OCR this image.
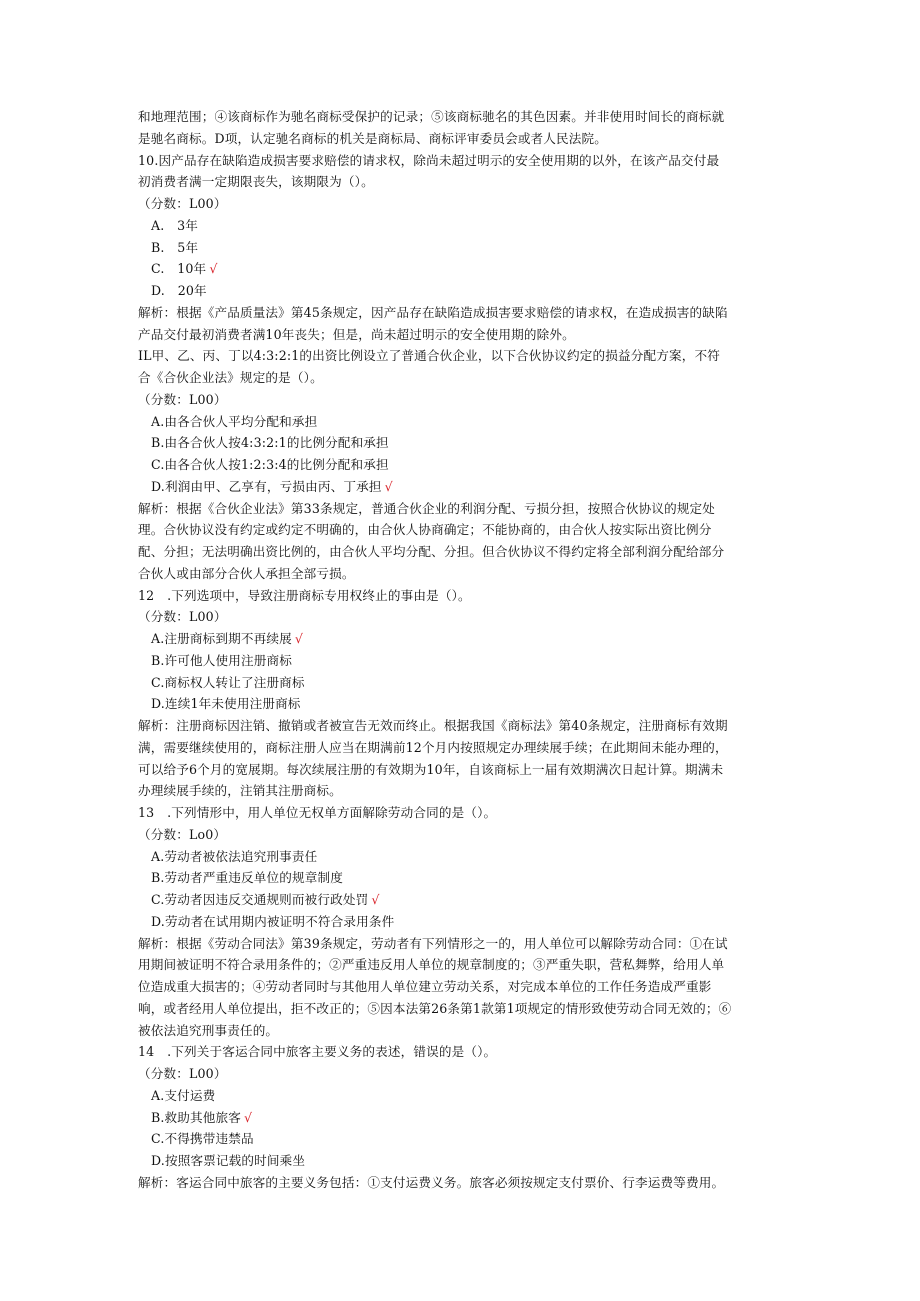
和地理范围；④该商标作为驰名商标受保护的记录；⑤该商标驰名的其色因素。并非使用时间长的商标就
是驰名商标。D项，认定驰名商标的机关是商标局、商标评审委员会或者人民法院。
10.因产品存在缺陷造成损害要求赔偿的请求权，除尚未超过明示的安全使用期的以外，在该产品交付最
初消费者满一定期限丧失，该期限为（）。
（分数：L00）
A.　3年
B.　5年
C.　10年 √
D.　20年
解析：根据《产品质量法》第45条规定，因产品存在缺陷造成损害要求赔偿的请求权，在造成损害的缺陷
产品交付最初消费者满10年丧失；但是，尚未超过明示的安全使用期的除外。
IL甲、乙、丙、丁以4:3:2:1的出资比例设立了普通合伙企业，以下合伙协议约定的损益分配方案，不符
合《合伙企业法》规定的是（）。
（分数：L00）
A.由各合伙人平均分配和承担
B.由各合伙人按4:3:2:1的比例分配和承担
C.由各合伙人按1:2:3:4的比例分配和承担
D.利润由甲、乙享有，亏损由丙、丁承担 √
解析：根据《合伙企业法》第33条规定，普通合伙企业的利润分配、亏损分担，按照合伙协议的规定处
理。合伙协议没有约定或约定不明确的，由合伙人协商确定；不能协商的，由合伙人按实际出资比例分
配、分担；无法明确出资比例的，由合伙人平均分配、分担。但合伙协议不得约定将全部利润分配给部分
合伙人或由部分合伙人承担全部亏损。
12　.下列选项中，导致注册商标专用权终止的事由是（）。
（分数：L00）
A.注册商标到期不再续展 √
B.许可他人使用注册商标
C.商标权人转让了注册商标
D.连续1年未使用注册商标
解析：注册商标因注销、撤销或者被宣告无效而终止。根据我国《商标法》第40条规定，注册商标有效期
满，需要继续使用的，商标注册人应当在期满前12个月内按照规定办理续展手续；在此期间未能办理的，
可以给予6个月的宽展期。每次续展注册的有效期为10年，自该商标上一届有效期满次日起计算。期满未
办理续展手续的，注销其注册商标。
13　.下列情形中，用人单位无权单方面解除劳动合同的是（）。
（分数：Lo0）
A.劳动者被依法追究刑事责任
B.劳动者严重违反单位的规章制度
C.劳动者因违反交通规则而被行政处罚 √
D.劳动者在试用期内被证明不符合录用条件
解析：根据《劳动合同法》第39条规定，劳动者有下列情形之一的，用人单位可以解除劳动合同：①在试
用期间被证明不符合录用条件的；②严重违反用人单位的规章制度的；③严重失职，营私舞弊，给用人单
位造成重大损害的；④劳动者同时与其他用人单位建立劳动关系，对完成本单位的工作任务造成严重影
响，或者经用人单位提出，拒不改正的；⑤因本法第26条第1款第1项规定的情形致使劳动合同无效的；⑥
被依法追究刑事责任的。
14　.下列关于客运合同中旅客主要义务的表述，错误的是（）。
（分数：L00）
A.支付运费
B.救助其他旅客 √
C.不得携带违禁品
D.按照客票记载的时间乘坐
解析：客运合同中旅客的主要义务包括：①支付运费义务。旅客必须按规定支付票价、行李运费等费用。
